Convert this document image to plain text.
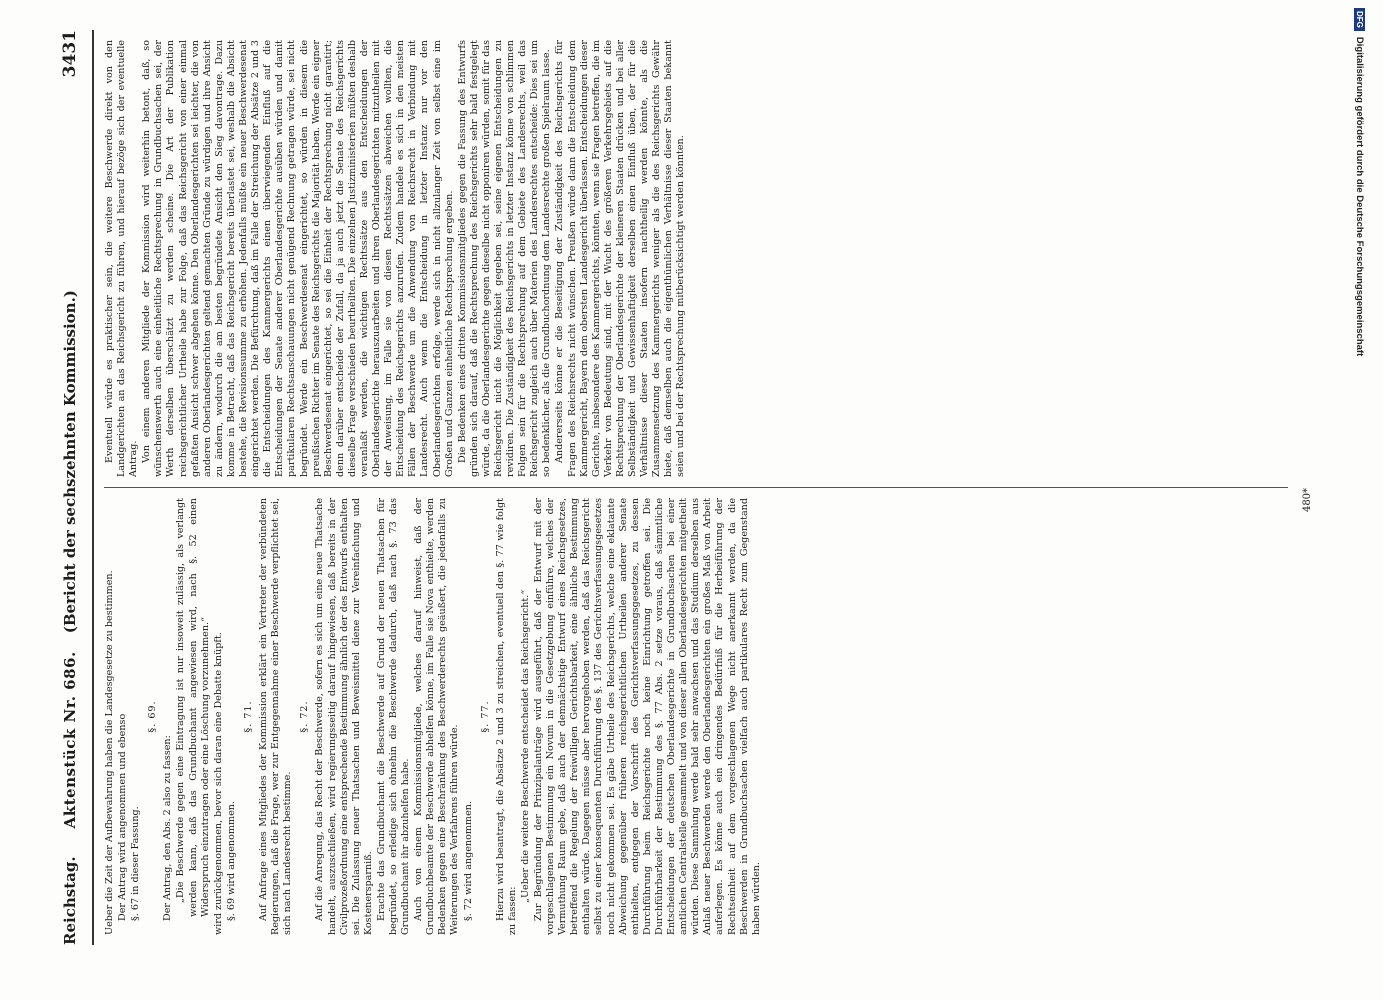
Reichstag.
Aktenstück Nr. 686.
(Bericht der sechszehnten Kommission.)
3431

Ueber die Zeit der Aufbewahrung haben die Landesgesetze zu bestimmen. Der Antrag wird angenommen und ebenso §. 67 in dieser Fassung.

§. 69.

Der Antrag, den Abs. 2 also zu fassen: „Die Beschwerde gegen eine Eintragung ist nur insoweit zulässig, als verlangt werden kann, daß das Grundbuchamt angewiesen wird, nach §. 52 einen Widerspruch einzutragen oder eine Löschung vorzunehmen.“ wird zurückgenommen, bevor sich daran eine Debatte knüpft. §. 69 wird angenommen.

§. 71. Auf Anfrage eines Mitgliedes der Kommission erklärt ein Vertreter der verbündeten Regierungen, daß die Frage, wer zur Entgegennahme einer Beschwerde verpflichtet sei, sich nach Landesrecht bestimme.

§. 72. Auf die Anregung, das Recht der Beschwerde, sofern es sich um eine neue Thatsache handelt, auszuschließen, wird regierungsseitig darauf hingewiesen, daß bereits in der Civilprozeßordnung eine entsprechende Bestimmung ähnlich der des Entwurfs enthalten sei. Die Zulassung neuer Thatsachen und Beweismittel diene zur Vereinfachung und Kostenersparniß. Erachte das Grundbuchamt die Beschwerde auf Grund der neuen Thatsachen für begründet, so erledige sich ohnehin die Beschwerde dadurch, daß nach §. 73 das Grundbuchamt ihr abzuhelfen habe. Auch von einem Kommissionsmitgliede, welches darauf hinweist, daß der Grundbuchbeamte der Beschwerde abhelfen könne, im Falle sie Nova enthielte, werden Bedenken gegen eine Beschränkung des Beschwerderechts geäußert, die jedenfalls zu Weiterungen des Verfahrens führen würde. §. 72 wird angenommen.

§. 77. Hierzu wird beantragt, die Absätze 2 und 3 zu streichen, eventuell den §. 77 wie folgt zu fassen:

„Ueber die weitere Beschwerde entscheidet das Reichsgericht.“ Zur Begründung der Prinzipalanträge wird ausgeführt, daß der Entwurf mit der vorgeschlagenen Bestimmung ein Novum in die Gesetzgebung einführe, welches der Vermuthung Raum gebe, daß auch der demnächstige Entwurf eines Reichsgesetzes, betreffend die Regelung der freiwilligen Gerichtsbarkeit, eine ähnliche Bestimmung enthalten würde. Dagegen müsse aber hervorgehoben werden, daß das Reichsgericht selbst zu einer konsequenten Durchführung des §. 137 des Gerichtsverfassungsgesetzes noch nicht gekommen sei. Es gäbe Urtheile des Reichsgerichts, welche eine eklatante Abweichung gegenüber früheren reichsgerichtlichen Urtheilen anderer Senate enthielten, entgegen der Vorschrift des Gerichtsverfassungsgesetzes, zu dessen Durchführung beim Reichsgerichte noch keine Einrichtung getroffen sei. Die Durchführbarkeit der Bestimmung des §. 77 Abs. 2 setze voraus, daß sämmtliche Entscheidungen der deutschen Oberlandesgerichte in Grundbuchsachen bei einer amtlichen Centralstelle gesammelt und von dieser allen Oberlandesgerichten mitgetheilt würden. Diese Sammlung werde bald sehr anwachsen und das Studium derselben aus Anlaß neuer Beschwerden werde den Oberlandesgerichten ein großes Maß von Arbeit auferlegen. Es könne auch ein dringendes Bedürfniß für die Herbeiführung der Rechtseinheit auf dem vorgeschlagenen Wege nicht anerkannt werden, da die Beschwerden in Grundbuchsachen vielfach auch partikulares Recht zum Gegenstand haben würden.

Eventuell würde es praktischer sein, die weitere Beschwerde direkt von den Landgerichten an das Reichsgericht zu führen, und hierauf bezöge sich der eventuelle Antrag. Von einem anderen Mitgliede der Kommission wird weiterhin betont, daß, so wünschenswerth auch eine einheitliche Rechtsprechung in Grundbuchsachen sei, der Werth derselben überschätzt zu werden scheine. Die Art der Publikation reichsgerichtlicher Urtheile habe zur Folge, daß das Reichsgericht von einer einmal gefaßten Ansicht schwer abgehen könne. Den Oberlandesgerichten sei leichter, die von anderen Oberlandesgerichten geltend gemachten Gründe zu würdigen und ihre Ansicht zu ändern, wodurch die am besten begründete Ansicht den Sieg davontrage. Dazu komme in Betracht, daß das Reichsgericht bereits überlastet sei, weshalb die Absicht bestehe, die Revisionssumme zu erhöhen. Jedenfalls müßte ein neuer Beschwerdesenat eingerichtet werden. Die Befürchtung, daß im Falle der Streichung der Absätze 2 und 3 die Entscheidungen des Kammergerichts einen überwiegenden Einfluß auf die Entscheidungen der Senate anderer Oberlandesgerichte ausüben würden und damit partikularen Rechtsanschauungen nicht genügend Rechnung getragen würde, sei nicht begründet. Werde ein Beschwerdesenat eingerichtet, so würden in diesem die preußischen Richter im Senate des Reichsgerichts die Majorität haben. Werde ein eigner Beschwerdesenat eingerichtet, so sei die Einheit der Rechtsprechung nicht garantirt; denn darüber entscheide der Zufall, da ja auch jetzt die Senate des Reichsgerichts dieselbe Frage verschieden beurtheilten. Die einzelnen Justizministerien müßten deshalb veranlaßt werden, die wichtigen Rechtssätze aus den Entscheidungen der Oberlandesgerichte herauszuarbeiten und ihren Oberlandesgerichten mitzutheilen mit der Anweisung, im Falle sie von diesen Rechtssätzen abweichen wollten, die Entscheidung des Reichsgerichts anzurufen. Zudem handele es sich in den meisten Fällen der Beschwerde um die Anwendung von Reichsrecht in Verbindung mit Landesrecht. Auch wenn die Entscheidung in letzter Instanz nur vor den Oberlandesgerichten erfolge, werde sich in nicht allzulanger Zeit von selbst eine im Großen und Ganzen einheitliche Rechtsprechung ergeben. Die Bedenken eines dritten Kommissionsmitgliedes gegen die Fassung des Entwurfs gründen sich darauf, daß die Rechtsprechung des Reichsgerichts sehr bald festgelegt würde, da die Oberlandesgerichte gegen dieselbe nicht opponiren würden, somit für das Reichsgericht nicht die Möglichkeit gegeben sei, seine eigenen Entscheidungen zu revidiren. Die Zuständigkeit des Reichsgerichts in letzter Instanz könne von schlimmen Folgen sein für die Rechtsprechung auf dem Gebiete des Landesrechts, weil das Reichsgericht zugleich auch über Materien des Landesrechtes entscheide: Dies sei um so bedenklicher, als die Grundbuchordnung dem Landesrechte großen Spielraum lasse. Andererseits könne er die Beseitigung der Zuständigkeit des Reichsgerichts für Fragen des Reichsrechts nicht wünschen. Preußen würde dann die Entscheidung dem Kammergericht, Bayern dem obersten Landesgericht überlassen. Entscheidungen dieser Gerichte, insbesondere des Kammergerichts, könnten, wenn sie Fragen betreffen, die im Verkehr von Bedeutung sind, mit der Wucht des größeren Verkehrsgebiets auf die Rechtsprechung der Oberlandesgerichte der kleineren Staaten drücken und bei aller Selbständigkeit und Gewissenhaftigkeit derselben einen Einfluß üben, der für die Verhältnisse dieser Staaten insofern nachtheilig werden könnte, als die Zusammensetzung des Kammergerichts weniger als die des Reichsgerichts Gewähr biete, daß demselben auch die eigenthümlichen Verhältnisse dieser Staaten bekannt seien und bei der Rechtsprechung mitberücksichtigt werden könnten.

480*
DFG
Digitalisierung gefördert durch die Deutsche Forschungsgemeinschaft
